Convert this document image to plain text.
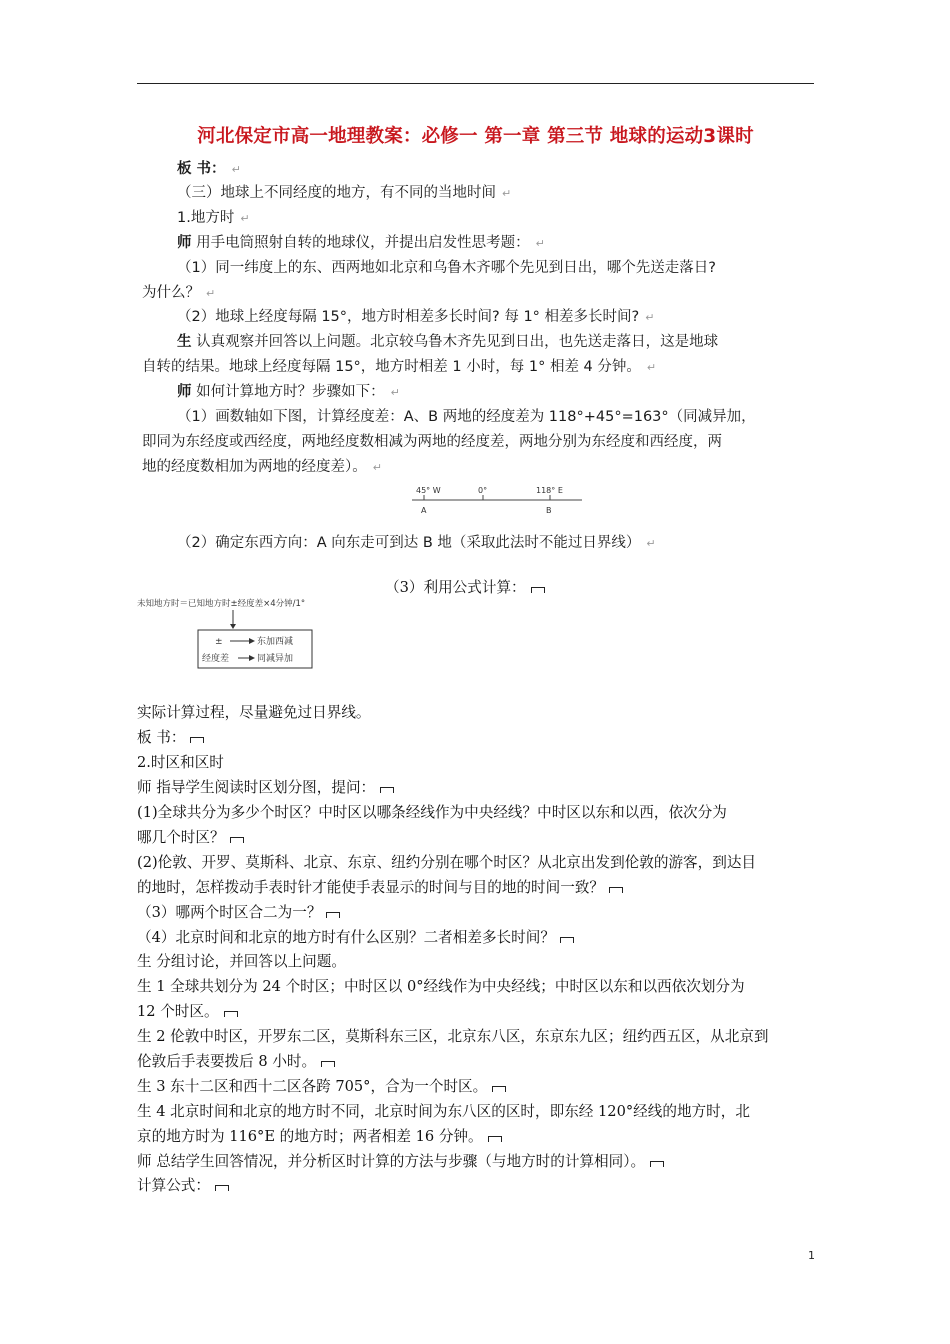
河北保定市高一地理教案：必修一 第一章 第三节 地球的运动3课时
板 书： ↵
（三）地球上不同经度的地方，有不同的当地时间 ↵
1.地方时 ↵
师 用手电筒照射自转的地球仪，并提出启发性思考题： ↵
（1）同一纬度上的东、西两地如北京和乌鲁木齐哪个先见到日出，哪个先送走落日?
为什么？ ↵
（2）地球上经度每隔 15°，地方时相差多长时间? 每 1° 相差多长时间? ↵
生 认真观察并回答以上问题。北京较乌鲁木齐先见到日出，也先送走落日，这是地球
自转的结果。地球上经度每隔 15°，地方时相差 1 小时，每 1° 相差 4 分钟。 ↵
师 如何计算地方时？步骤如下： ↵
（1）画数轴如下图，计算经度差：A、B 两地的经度差为 118°+45°=163°（同减异加，
即同为东经度或西经度，两地经度数相减为两地的经度差，两地分别为东经度和西经度，两
地的经度数相加为两地的经度差）。 ↵
45° W	0°	118° E
A	B
（2）确定东西方向：A 向东走可到达 B 地（采取此法时不能过日界线） ↵
（3）利用公式计算：
未知地方时＝已知地方时±经度差×4分钟/1°
±	东加西减
经度差	同减异加
实际计算过程，尽量避免过日界线。
板 书：
2.时区和区时
师 指导学生阅读时区划分图，提问：
(1)全球共分为多少个时区？中时区以哪条经线作为中央经线？中时区以东和以西，依次分为
哪几个时区？
(2)伦敦、开罗、莫斯科、北京、东京、纽约分别在哪个时区？从北京出发到伦敦的游客，到达目
的地时，怎样拨动手表时针才能使手表显示的时间与目的地的时间一致？
（3）哪两个时区合二为一？
（4）北京时间和北京的地方时有什么区别？二者相差多长时间？
生 分组讨论，并回答以上问题。
生 1 全球共划分为 24 个时区；中时区以 0°经线作为中央经线；中时区以东和以西依次划分为
12 个时区。
生 2 伦敦中时区，开罗东二区，莫斯科东三区，北京东八区，东京东九区；纽约西五区，从北京到
伦敦后手表要拨后 8 小时。
生 3 东十二区和西十二区各跨 705°，合为一个时区。
生 4 北京时间和北京的地方时不同，北京时间为东八区的区时，即东经 120°经线的地方时，北
京的地方时为 116°E 的地方时；两者相差 16 分钟。
师 总结学生回答情况，并分析区时计算的方法与步骤（与地方时的计算相同）。
计算公式：
1
